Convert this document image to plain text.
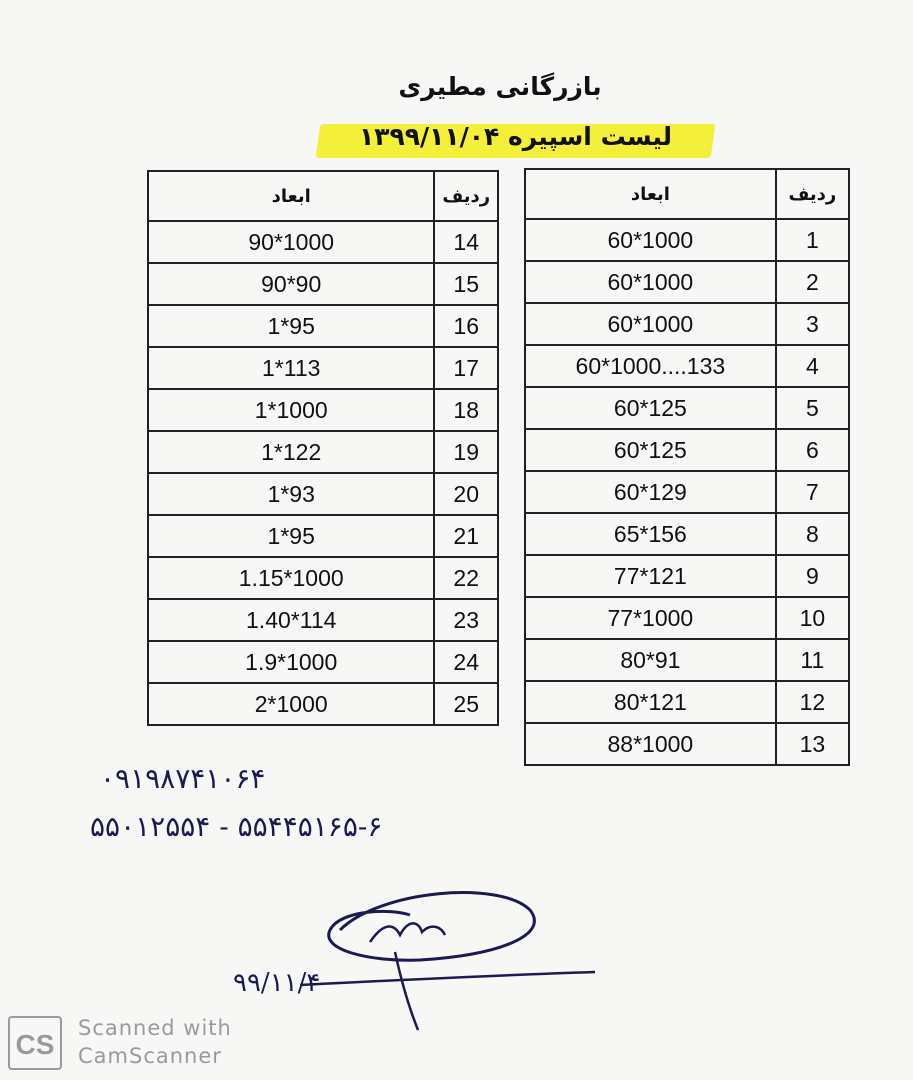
بازرگانی مطیری
لیست اسپیره ۱۳۹۹/۱۱/۰۴
ابعاد	ردیف
60*1000	1
60*1000	2
60*1000	3
60*1000....133	4
60*125	5
60*125	6
60*129	7
65*156	8
77*121	9
77*1000	10
80*91	11
80*121	12
88*1000	13
ابعاد	ردیف
90*1000	14
90*90	15
1*95	16
1*113	17
1*1000	18
1*122	19
1*93	20
1*95	21
1.15*1000	22
1.40*114	23
1.9*1000	24
2*1000	25
۰۹۱۹۸۷۴۱۰۶۴
۵۵۰۱۲۵۵۴ - ۵۵۴۴۵۱۶۵-۶
۹۹/۱۱/۴
CS
Scanned with
CamScanner
